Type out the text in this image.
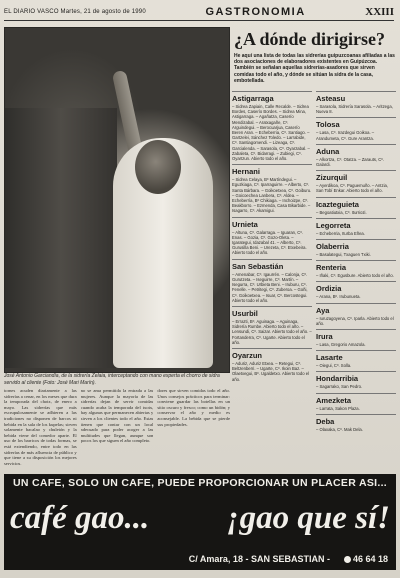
EL DIARIO VASCO Martes, 21 de agosto de 1990	GASTRONOMIA	XXIII
José Antonio Garciandía, de la sidrería Zelaia, interceptando con mano experta el chorro de sidra servido al cliente (Foto: José Mari Marín).
tornes acuden diariamente a las sidrerías a cenar, en los meses que dura la temporada del chotx, de enero a mayo. Las sidrerías que más escrupulosamente se adhieren a las tradiciones no disponen de barcos ni bebida en la sala de los kupelas; sirven solamente bacalao y chuletón y la bebida viene del comedor aparte. El uso de los barricos de todas formas, se está extendiendo, entre todo en las sidrerías de más afluencia de público y que tiene a su disposición los mejores servicios.
no se ama permitida la entrada a las mujeres. Aunque la mayoría de las sidrerías dejan de servir comidas cuando acaba la temporada del txotx, hay algunas que permanecen abiertas y sirven a los clientes todo el año. Estas tienen que contar con un local adecuado para poder acoger a las multitudes que llegan, aunque son pocos los que siguen el año completo.
dores que sirven comidas todo el año. Unos consejos prácticos para terminar: conviene guardar las botellas en un sitio oscuro y fresco; como un bidón; y conservar el año y medio es aconsejable. La bebida que se pierde sus propiedades.
¿A dónde dirigirse?
He aquí una lista de todas las sidrerías guipuzcoanas afiliadas a las dos asociaciones de elaboradores existentes en Guipúzcoa. También se señalan aquellas sidrerías-asadores que sirven comidas todo el año, y dónde se sitúan la sidra de la casa, embotellada.
Astigarraga
– Sidrea Zapiain, Calle Recalde. – Sidrea Bordes, Caserío Bordes. – Sidrea Mina, Astigarraga. – Agañatza, Caserío Mendizabal. – Aratxagañe, Cº. Arguindegui. – Berocuarjua, Caserío Beren Aran. – Echeberria, Cº. Santiago. – Gartzelei, Sánchez Toledo. – Larrabide, Cº. Santiagomendi. – Lizeaga, Cº. Garcialenda. – Sarasola, Cº. Oyarzabal. – Zabaleta, Cº. Bidarragi. – Zubiegi, Cº. Oyartzun. Abierto todo el año.
Hernani
– Sidrea Celaya, Bº Martíndegui. – Eguzkiaga, Cº. Iparraguirre. – Alberto, Cº. Santa Bárbara. – Goikoetxea, Cº. Goiburu. – Goicoechea Lanbera, Cº. Aldea. – Echeberría, Bº Chikiaga. – Inchoizpe, Cº. Beakborro. – Ezmenda, Casa Bikarbide. – Isagarro, Cº. Akamigui.
Urnieta
– Altuna, Cº. Galarraga. – Iguaran, Cº. Enas. – Gozia, Cº. Gozo-Oleta. – Igarategui, Idazabal 41. – Alberto, Cº. Gurusilla Beni. – Urezeta, Cº. Etxebeira. Abierto todo el año.
San Sebastián
– Amenabar, Cº. Igaurrén. – Calonja, Cº. Gurutzeta. – Iseguirre, Cº. Martín. – Isegurra, Cº. Urbieta Beni. – Iruburu, Cº. Fenelle. – Petritegi, Cº. Zuberoa. – Goñi, Cº. Goikoetxea. – Isuar, Cº. Bercostegui. Abierto todo el año.
Usurbil
– Errazti, Bº. Aguinaga. – Aguinaga, Sidrería Rumbe. Abierto todo el año. – Lensundi, Cº. Saizar. Abierto todo el año. – Fortanderra, Cº. Ugarte. Abierto todo el año.
Oyarzun
– Aduriz, Aduriz Etxea. – Retegui, Cº. Beltzenberri. – Ugarte, Cº. Ikoin Baz. – Olaetxegui, Bº. Ugaldetxo. Abierto todo el año.
Asteasu
– Sarasola, Sidrería Sarasola. – Aritzega, Nueva 8.
Tolosa
– Lasa, Cº. Irazdegui Goikoa. – Arandumeta, Cº. Gure Arantza.
Aduna
– Alkortza, Cº. Otatza. – Zarauts, Cº. Galardi.
Zizurquil
– Ayerdikoa, Cº. Paguemuño. – Antzia, San Tobí Enkar. Abierto todo el año.
Icazteguieta
– Begoatiutxia, Cº. Iturriozi.
Legorreta
– Echeberria, Iturba Eñea.
Olaberria
– Basalategui, Txaguen Txiki.
Renteria
– Iñaki, Cº. Egusbure. Abierto todo el año.
Ordizia
– Arana, Bº. Irubunueta.
Aya
– Iuruzagoyena, Cº. Iparla. Abierto todo el año.
Irura
– Lasa, Gregorio Amazola.
Lasarte
– Oiegui, Cº. Solla.
Hondarribia
– Sagarrako, San Pedro.
Amezketa
– Larrata, Sakon Plaza.
Deba
– Olaxaka, Cº. Mak Dela.
UN CAFE, SOLO UN CAFE, PUEDE PROPORCIONAR UN PLACER ASI...
café gao... ¡gao que sí!
C/ Amara, 18 - SAN SEBASTIAN -	46 64 18
